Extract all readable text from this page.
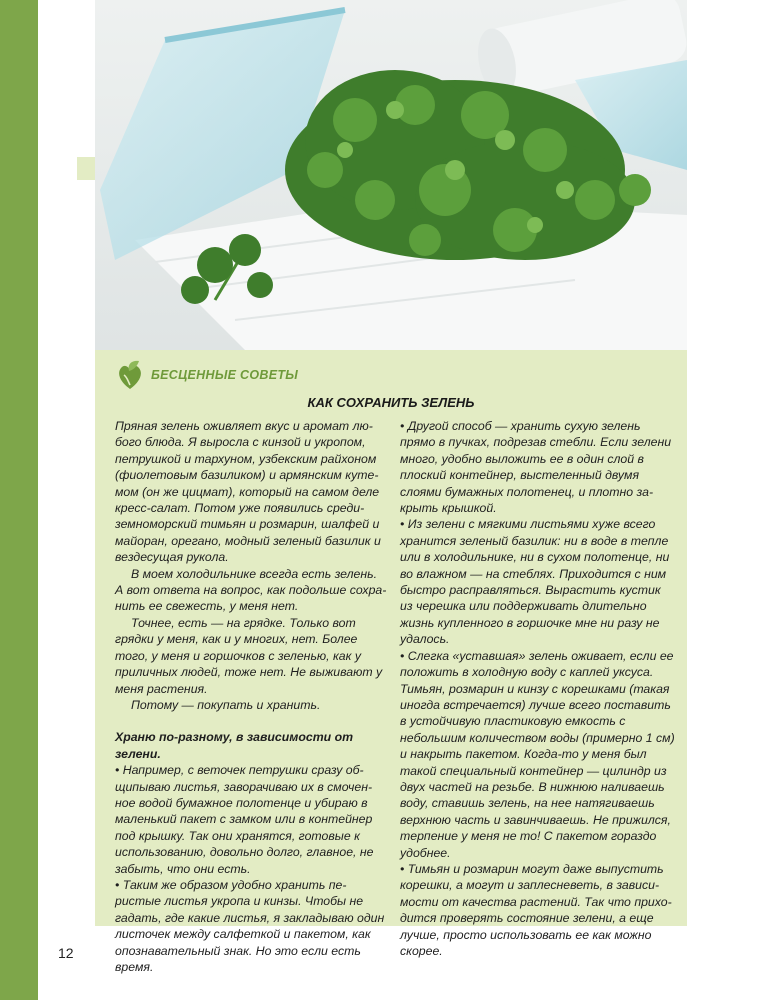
БЕСЦЕННЫЕ СОВЕТЫ
КАК СОХРАНИТЬ ЗЕЛЕНЬ

Пряная зелень оживляет вкус и аромат любого блюда. Я выросла с кинзой и укропом, петрушкой и тархуном, узбекским райхоном (фиолетовым базиликом) и армянским кутемом (он же цицмат), который на самом деле кресс-салат. Потом уже появились средиземноморский тимьян и розмарин, шалфей и майоран, орегано, модный зеленый базилик и вездесущая рукола.

В моем холодильнике всегда есть зелень. А вот ответа на вопрос, как подольше сохранить ее свежесть, у меня нет.

Точнее, есть — на грядке. Только вот грядки у меня, как и у многих, нет. Более того, у меня и горшочков с зеленью, как у приличных людей, тоже нет. Не выживают у меня растения.

Потому — покупать и хранить.

Храню по-разному, в зависимости от зелени.

• Например, с веточек петрушки сразу общипываю листья, заворачиваю их в смоченное водой бумажное полотенце и убираю в маленький пакет с замком или в контейнер под крышку. Так они хранятся, готовые к использованию, довольно долго, главное, не забыть, что они есть.

• Таким же образом удобно хранить перистые листья укропа и кинзы. Чтобы не гадать, где какие листья, я закладываю один листочек между салфеткой и пакетом, как опознавательный знак. Но это если есть время.

• Другой способ — хранить сухую зелень прямо в пучках, подрезав стебли. Если зелени много, удобно выложить ее в один слой в плоский контейнер, выстеленный двумя слоями бумажных полотенец, и плотно закрыть крышкой.

• Из зелени с мягкими листьями хуже всего хранится зеленый базилик: ни в воде в тепле или в холодильнике, ни в сухом полотенце, ни во влажном — на стеблях. Приходится с ним быстро расправляться. Вырастить кустик из черешка или поддерживать длительно жизнь купленного в горшочке мне ни разу не удалось.

• Слегка «уставшая» зелень оживает, если ее положить в холодную воду с каплей уксуса. Тимьян, розмарин и кинзу с корешками (такая иногда встречается) лучше всего поставить в устойчивую пластиковую емкость с небольшим количеством воды (примерно 1 см) и накрыть пакетом. Когда-то у меня был такой специальный контейнер — цилиндр из двух частей на резьбе. В нижнюю наливаешь воду, ставишь зелень, на нее натягиваешь верхнюю часть и завинчиваешь. Не прижился, терпение у меня не то! С пакетом гораздо удобнее.

• Тимьян и розмарин могут даже выпустить корешки, а могут и заплесневеть, в зависимости от качества растений. Так что приходится проверять состояние зелени, а еще лучше, просто использовать ее как можно скорее.

12
